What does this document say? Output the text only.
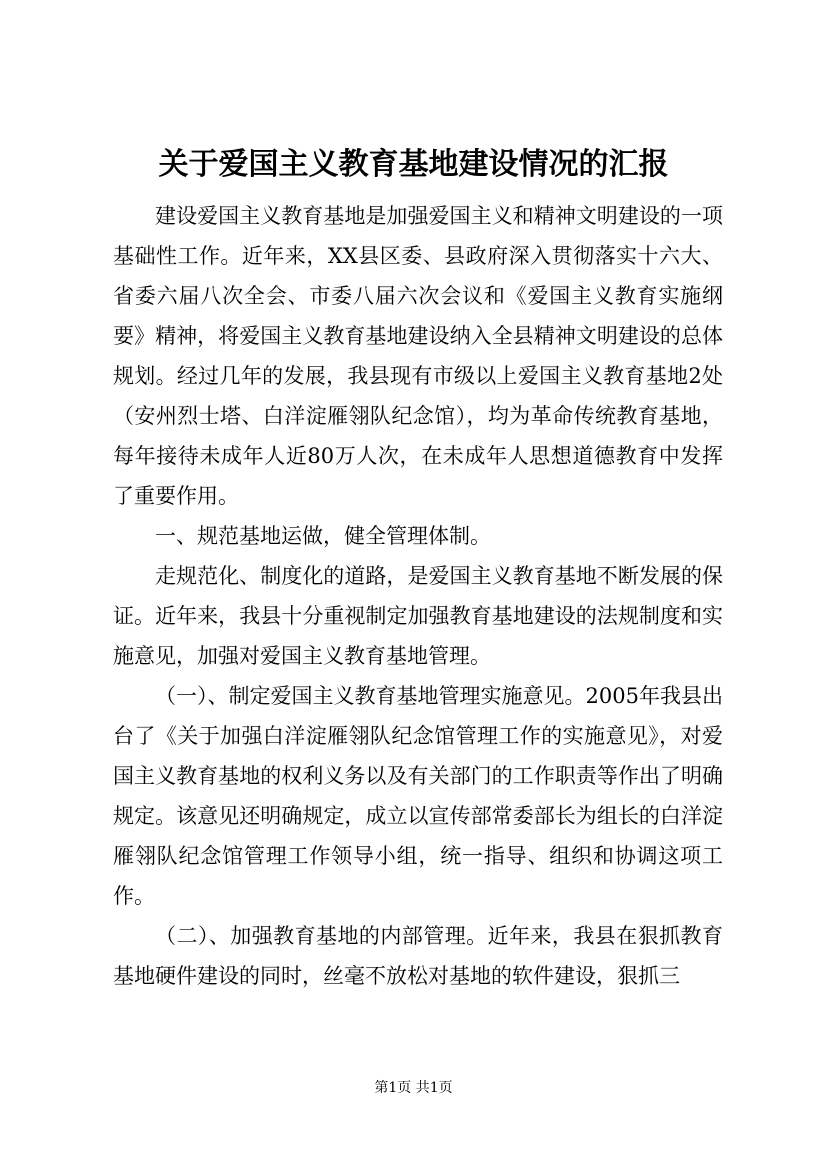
关于爱国主义教育基地建设情况的汇报

建设爱国主义教育基地是加强爱国主义和精神文明建设的一项基础性工作。近年来，XX县区委、县政府深入贯彻落实十六大、省委六届八次全会、市委八届六次会议和《爱国主义教育实施纲要》精神，将爱国主义教育基地建设纳入全县精神文明建设的总体规划。经过几年的发展，我县现有市级以上爱国主义教育基地2处（安州烈士塔、白洋淀雁翎队纪念馆），均为革命传统教育基地，每年接待未成年人近80万人次，在未成年人思想道德教育中发挥了重要作用。

一、规范基地运做，健全管理体制。

走规范化、制度化的道路，是爱国主义教育基地不断发展的保证。近年来，我县十分重视制定加强教育基地建设的法规制度和实施意见，加强对爱国主义教育基地管理。

（一）、制定爱国主义教育基地管理实施意见。2005年我县出台了《关于加强白洋淀雁翎队纪念馆管理工作的实施意见》，对爱国主义教育基地的权利义务以及有关部门的工作职责等作出了明确规定。该意见还明确规定，成立以宣传部常委部长为组长的白洋淀雁翎队纪念馆管理工作领导小组，统一指导、组织和协调这项工作。

（二）、加强教育基地的内部管理。近年来，我县在狠抓教育基地硬件建设的同时，丝毫不放松对基地的软件建设，狠抓三

第1页 共1页
